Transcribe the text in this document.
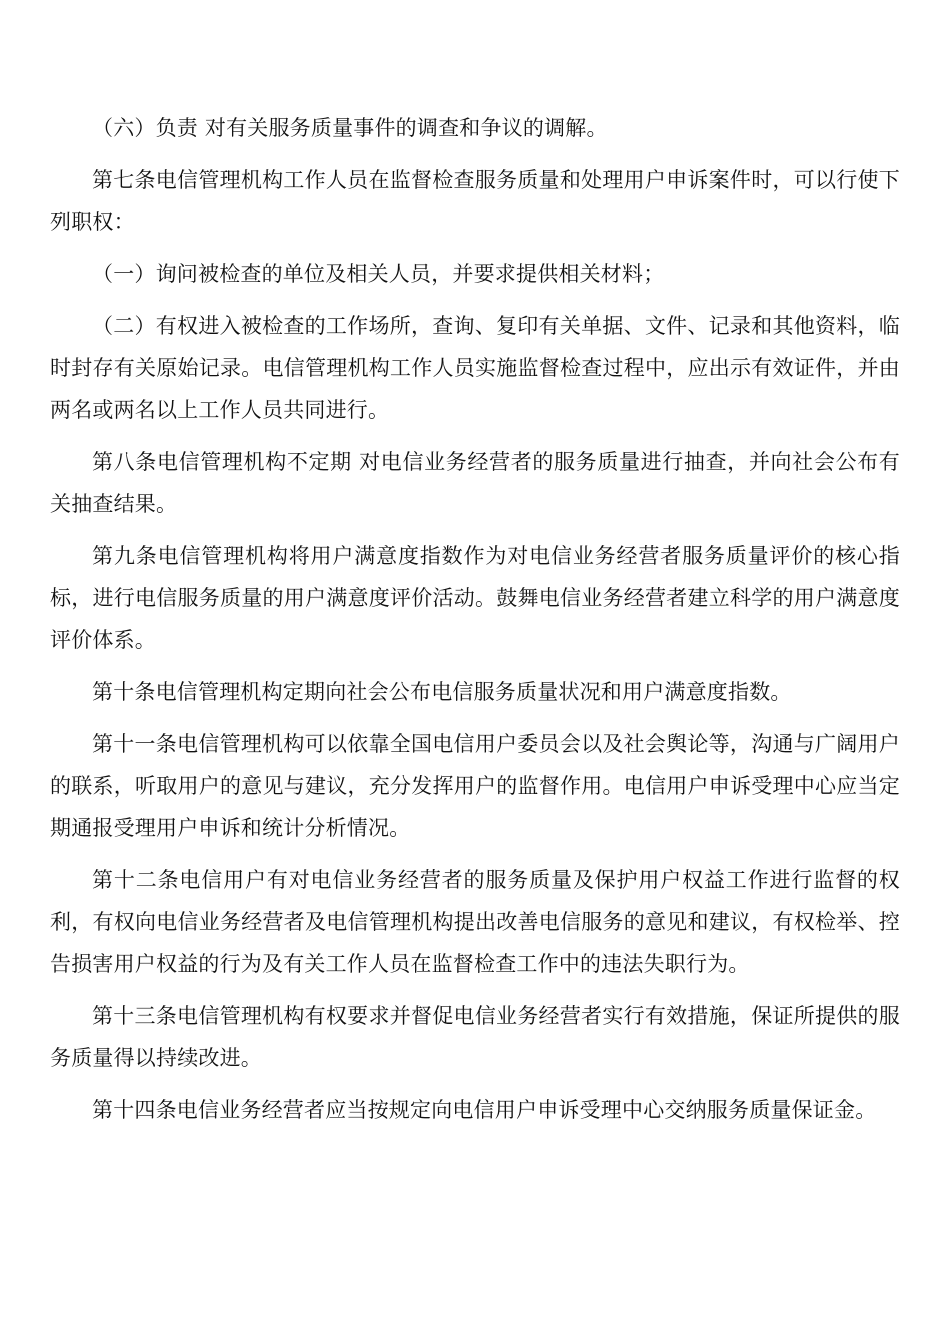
（六）负责 对有关服务质量事件的调查和争议的调解。

第七条电信管理机构工作人员在监督检查服务质量和处理用户申诉案件时，可以行使下列职权：

（一）询问被检查的单位及相关人员，并要求提供相关材料；

（二）有权进入被检查的工作场所，查询、复印有关单据、文件、记录和其他资料，临时封存有关原始记录。电信管理机构工作人员实施监督检查过程中，应出示有效证件，并由两名或两名以上工作人员共同进行。

第八条电信管理机构不定期 对电信业务经营者的服务质量进行抽查，并向社会公布有关抽查结果。

第九条电信管理机构将用户满意度指数作为对电信业务经营者服务质量评价的核心指标，进行电信服务质量的用户满意度评价活动。鼓舞电信业务经营者建立科学的用户满意度评价体系。

第十条电信管理机构定期向社会公布电信服务质量状况和用户满意度指数。

第十一条电信管理机构可以依靠全国电信用户委员会以及社会舆论等，沟通与广阔用户的联系，听取用户的意见与建议，充分发挥用户的监督作用。电信用户申诉受理中心应当定期通报受理用户申诉和统计分析情况。

第十二条电信用户有对电信业务经营者的服务质量及保护用户权益工作进行监督的权利，有权向电信业务经营者及电信管理机构提出改善电信服务的意见和建议，有权检举、控告损害用户权益的行为及有关工作人员在监督检查工作中的违法失职行为。

第十三条电信管理机构有权要求并督促电信业务经营者实行有效措施，保证所提供的服务质量得以持续改进。

第十四条电信业务经营者应当按规定向电信用户申诉受理中心交纳服务质量保证金。
